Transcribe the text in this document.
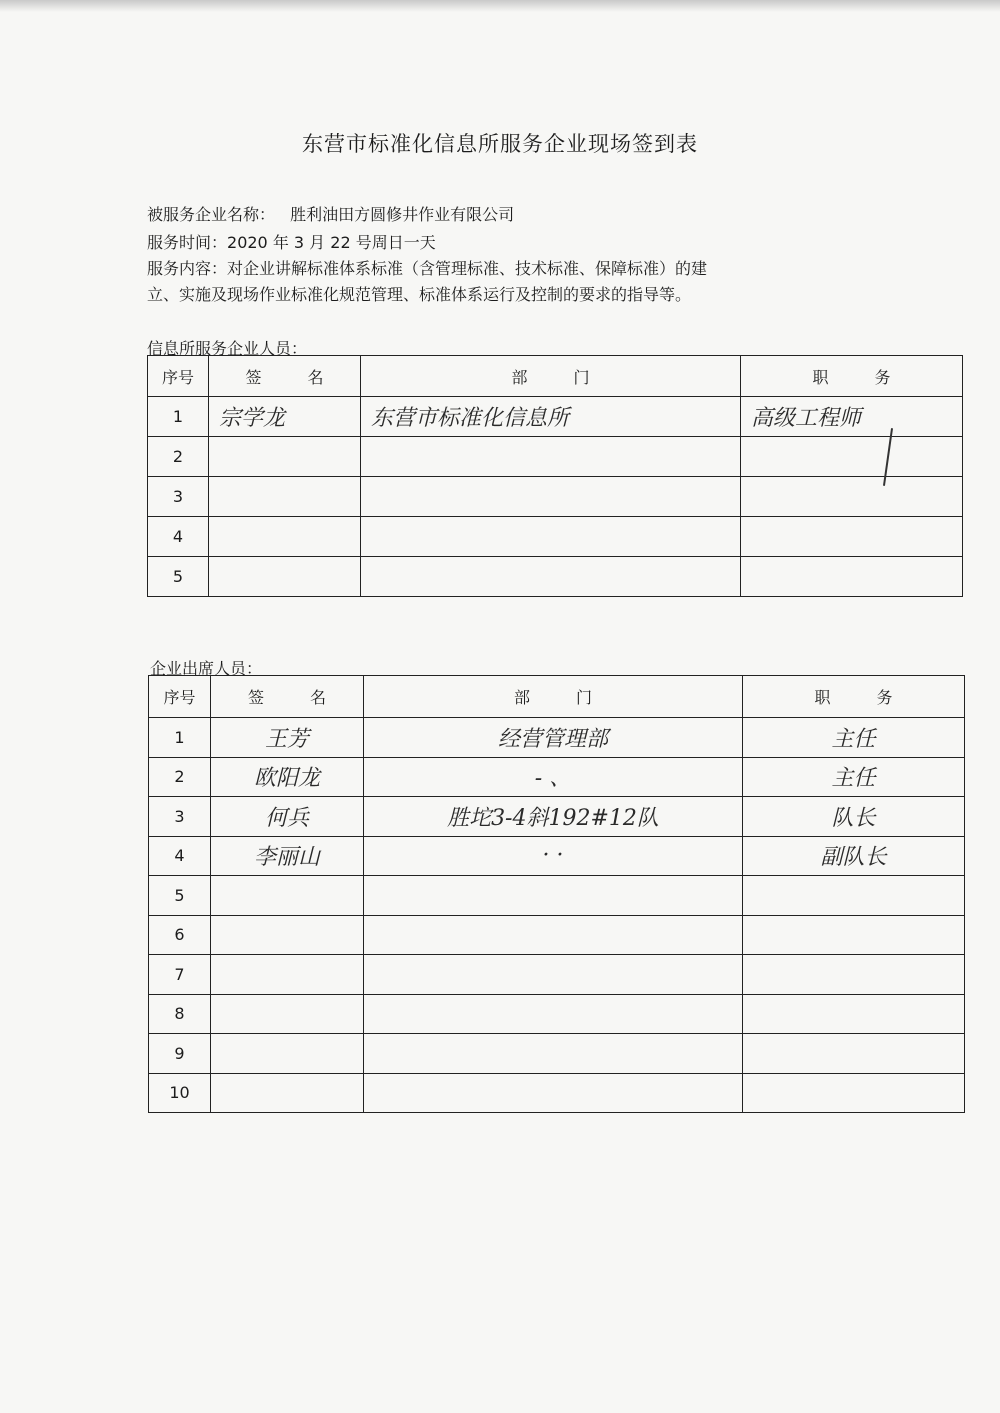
东营市标准化信息所服务企业现场签到表
被服务企业名称： 胜利油田方圆修井作业有限公司
服务时间：2020 年 3 月 22 号周日一天
服务内容：对企业讲解标准体系标准（含管理标准、技术标准、保障标准）的建
立、实施及现场作业标准化规范管理、标准体系运行及控制的要求的指导等。
信息所服务企业人员：
序号	签 名	部 门	职 务
1	宗学龙	东营市标准化信息所	高级工程师
2			
3			
4			
5			
企业出席人员：
序号	签 名	部 门	职 务
1	王芳	经营管理部	主任
2	欧阳龙	- 、	主任
3	何兵	胜坨3-4斜192#12队	队长
4	李丽山	· ·	副队长
5			
6			
7			
8			
9			
10			
